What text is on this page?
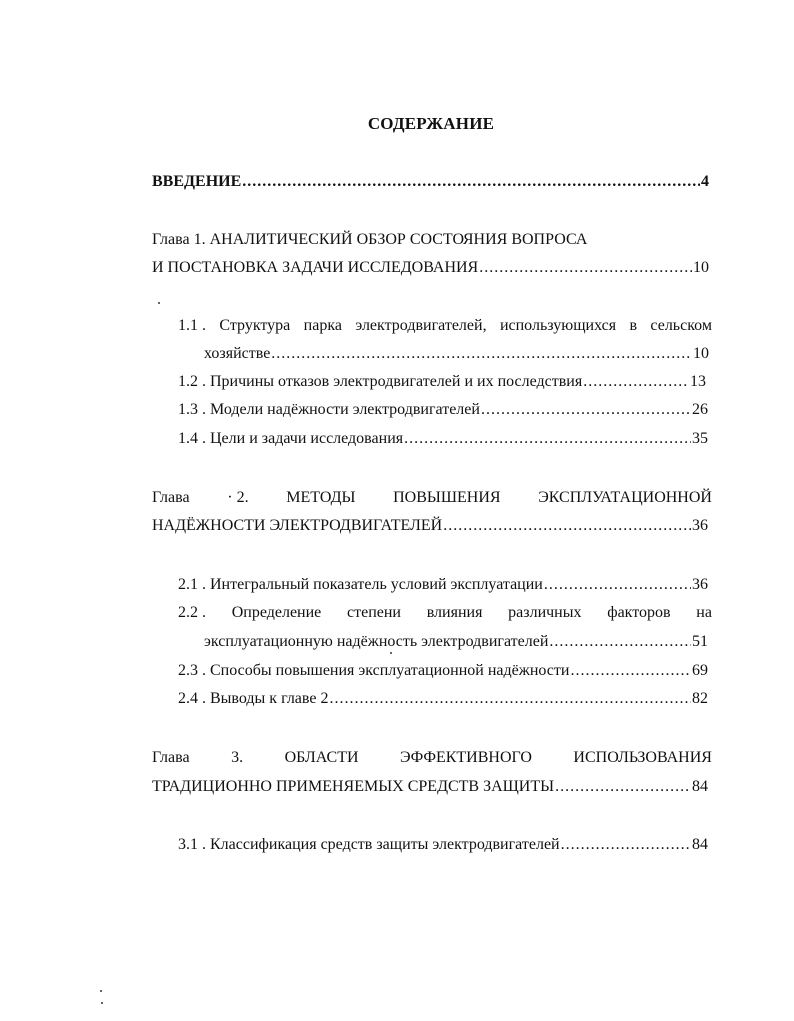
СОДЕРЖАНИЕ
ВВЕДЕНИЕ .....	4
Глава 1. АНАЛИТИЧЕСКИЙ ОБЗОР СОСТОЯНИЯ ВОПРОСА
И ПОСТАНОВКА ЗАДАЧИ ИССЛЕДОВАНИЯ .....	10
1.1 . Структура парка электродвигателей, использующихся в сельском
хозяйстве .....	10
1.2 . Причины отказов электродвигателей и их последствия .....	13
1.3 . Модели надёжности электродвигателей .....	26
1.4 . Цели и задачи исследования .....	35
Глава · 2. МЕТОДЫ ПОВЫШЕНИЯ ЭКСПЛУАТАЦИОННОЙ
НАДЁЖНОСТИ ЭЛЕКТРОДВИГАТЕЛЕЙ .....	36
2.1 . Интегральный показатель условий эксплуатации .....	36
2.2 . Определение степени влияния различных факторов на
эксплуатационную надёжность электродвигателей .....	51
2.3 . Способы повышения эксплуатационной надёжности .....	69
2.4 . Выводы к главе 2 .....	82
Глава	3.	ОБЛАСТИ	ЭФФЕКТИВНОГО	ИСПОЛЬЗОВАНИЯ
ТРАДИЦИОННО ПРИМЕНЯЕМЫХ СРЕДСТВ ЗАЩИТЫ .....	84
3.1 . Классификация средств защиты электродвигателей .....	84
